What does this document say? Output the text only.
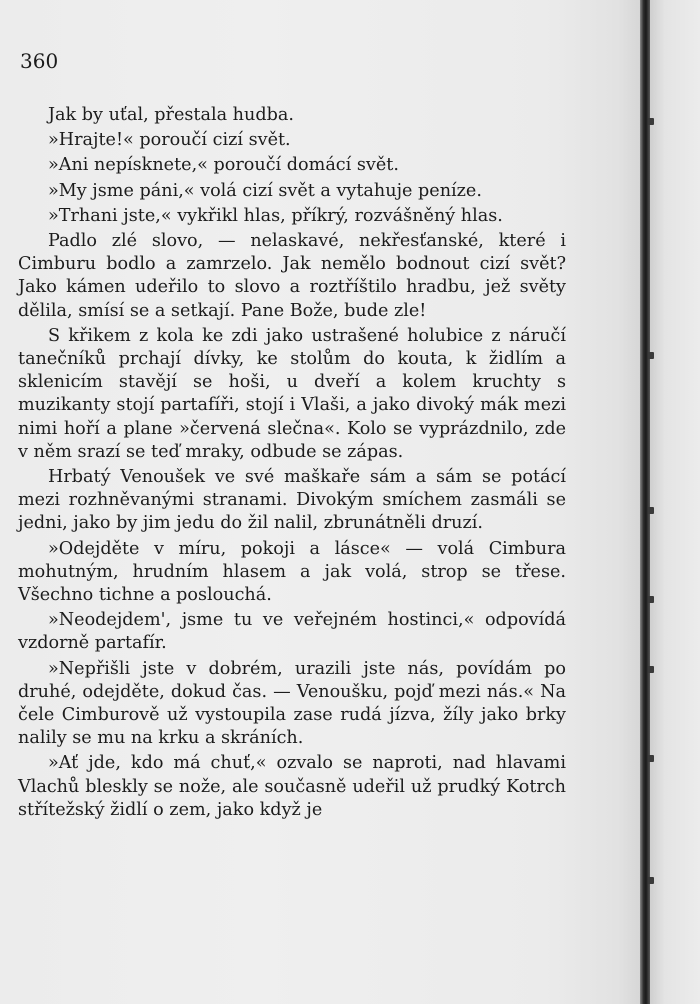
360

Jak by uťal, přestala hudba.

»Hrajte!« poroučí cizí svět.

»Ani nepísknete,« poroučí domácí svět.

»My jsme páni,« volá cizí svět a vytahuje peníze.

»Trhani jste,« vykřikl hlas, příkrý, rozvášněný hlas.

Padlo zlé slovo, — nelaskavé, nekřesťanské, které i Cimburu bodlo a zamrzelo. Jak nemělo bodnout cizí svět? Jako kámen udeřilo to slovo a roztříštilo hradbu, jež světy dělila, smísí se a setkají. Pane Bože, bude zle!

S křikem z kola ke zdi jako ustrašené holubice z náručí tanečníků prchají dívky, ke stolům do kouta, k židlím a sklenicím stavějí se hoši, u dveří a kolem kruchty s muzikanty stojí partafíři, stojí i Vlaši, a jako divoký mák mezi nimi hoří a plane »červená slečna«. Kolo se vyprázdnilo, zde v něm srazí se teď mraky, odbude se zápas.

Hrbatý Venoušek ve své maškaře sám a sám se potácí mezi rozhněvanými stranami. Divokým smíchem zasmáli se jedni, jako by jim jedu do žil nalil, zbrunátněli druzí.

»Odejděte v míru, pokoji a lásce« — volá Cimbura mohutným, hrudním hlasem a jak volá, strop se třese. Všechno tichne a poslouchá.

»Neodejdem', jsme tu ve veřejném hostinci,« odpovídá vzdorně partafír.

»Nepřišli jste v dobrém, urazili jste nás, povídám po druhé, odejděte, dokud čas. — Venoušku, pojď mezi nás.« Na čele Cimburově už vystoupila zase rudá jízva, žíly jako brky nalily se mu na krku a skráních.

»Ať jde, kdo má chuť,« ozvalo se naproti, nad hlavami Vlachů bleskly se nože, ale současně udeřil už prudký Kotrch střítežský židlí o zem, jako když je
